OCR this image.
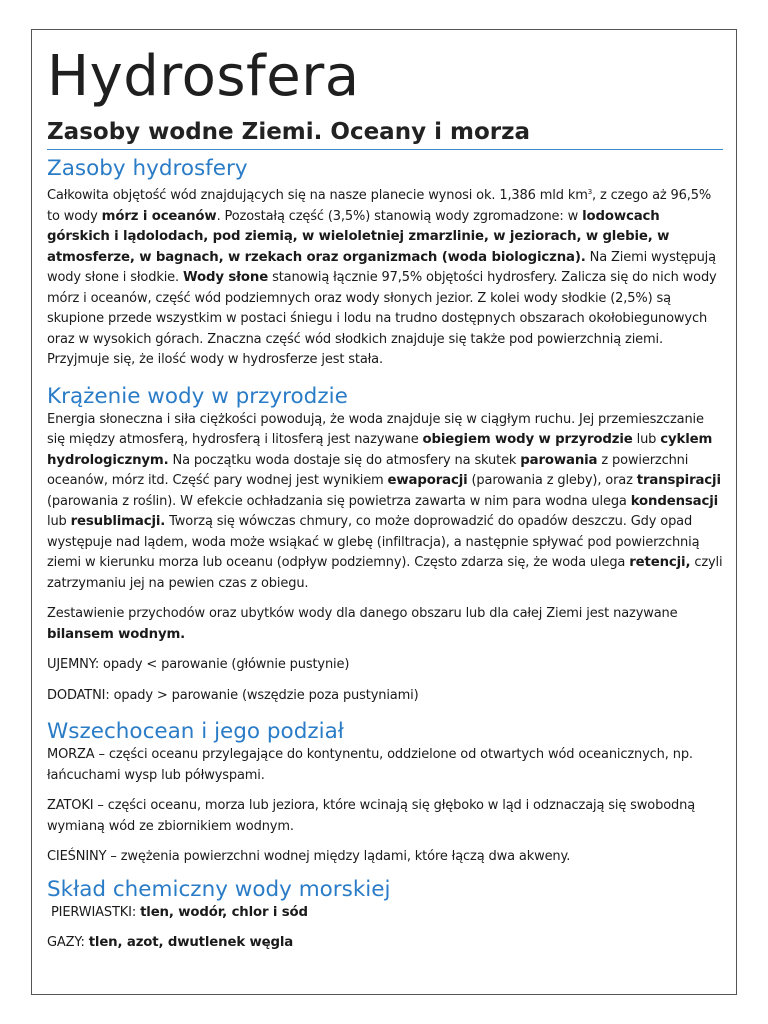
Hydrosfera
Zasoby wodne Ziemi. Oceany i morza
Zasoby hydrosfery

Całkowita objętość wód znajdujących się na nasze planecie wynosi ok. 1,386 mld $km^3$, z czego aż 96,5% to wody mórz i oceanów. Pozostałą część (3,5%) stanowią wody zgromadzone: w lodowcach górskich i lądolodach, pod ziemią, w wieloletniej zmarzlinie, w jeziorach, w glebie, w atmosferze, w bagnach, w rzekach oraz organizmach (woda biologiczna). Na Ziemi występują wody słone i słodkie. Wody słone stanowią łącznie 97,5% objętości hydrosfery. Zalicza się do nich wody mórz i oceanów, część wód podziemnych oraz wody słonych jezior. Z kolei wody słodkie (2,5%) są skupione przede wszystkim w postaci śniegu i lodu na trudno dostępnych obszarach okołobiegunowych oraz w wysokich górach. Znaczna część wód słodkich znajduje się także pod powierzchnią ziemi. Przyjmuje się, że ilość wody w hydrosferze jest stała.

Krążenie wody w przyrodzie

Energia słoneczna i siła ciężkości powodują, że woda znajduje się w ciągłym ruchu. Jej przemieszczanie się między atmosferą, hydrosferą i litosferą jest nazywane obiegiem wody w przyrodzie lub cyklem hydrologicznym. Na początku woda dostaje się do atmosfery na skutek parowania z powierzchni oceanów, mórz itd. Część pary wodnej jest wynikiem ewaporacji (parowania z gleby), oraz transpiracji (parowania z roślin). W efekcie ochładzania się powietrza zawarta w nim para wodna ulega kondensacji lub resublimacji. Tworzą się wówczas chmury, co może doprowadzić do opadów deszczu. Gdy opad występuje nad lądem, woda może wsiąkać w glebę (infiltracja), a następnie spływać pod powierzchnią ziemi w kierunku morza lub oceanu (odpływ podziemny). Często zdarza się, że woda ulega retencji, czyli zatrzymaniu jej na pewien czas z obiegu.

Zestawienie przychodów oraz ubytków wody dla danego obszaru lub dla całej Ziemi jest nazywane bilansem wodnym.

UJEMNY: opady < parowanie (głównie pustynie)

DODATNI: opady > parowanie (wszędzie poza pustyniami)

Wszechocean i jego podział

MORZA – części oceanu przylegające do kontynentu, oddzielone od otwartych wód oceanicznych, np. łańcuchami wysp lub półwyspami.

ZATOKI – części oceanu, morza lub jeziora, które wcinają się głęboko w ląd i odznaczają się swobodną wymianą wód ze zbiornikiem wodnym.

CIEŚNINY – zwężenia powierzchni wodnej między lądami, które łączą dwa akweny.

Skład chemiczny wody morskiej

PIERWIASTKI: tlen, wodór, chlor i sód

GAZY: tlen, azot, dwutlenek węgla
